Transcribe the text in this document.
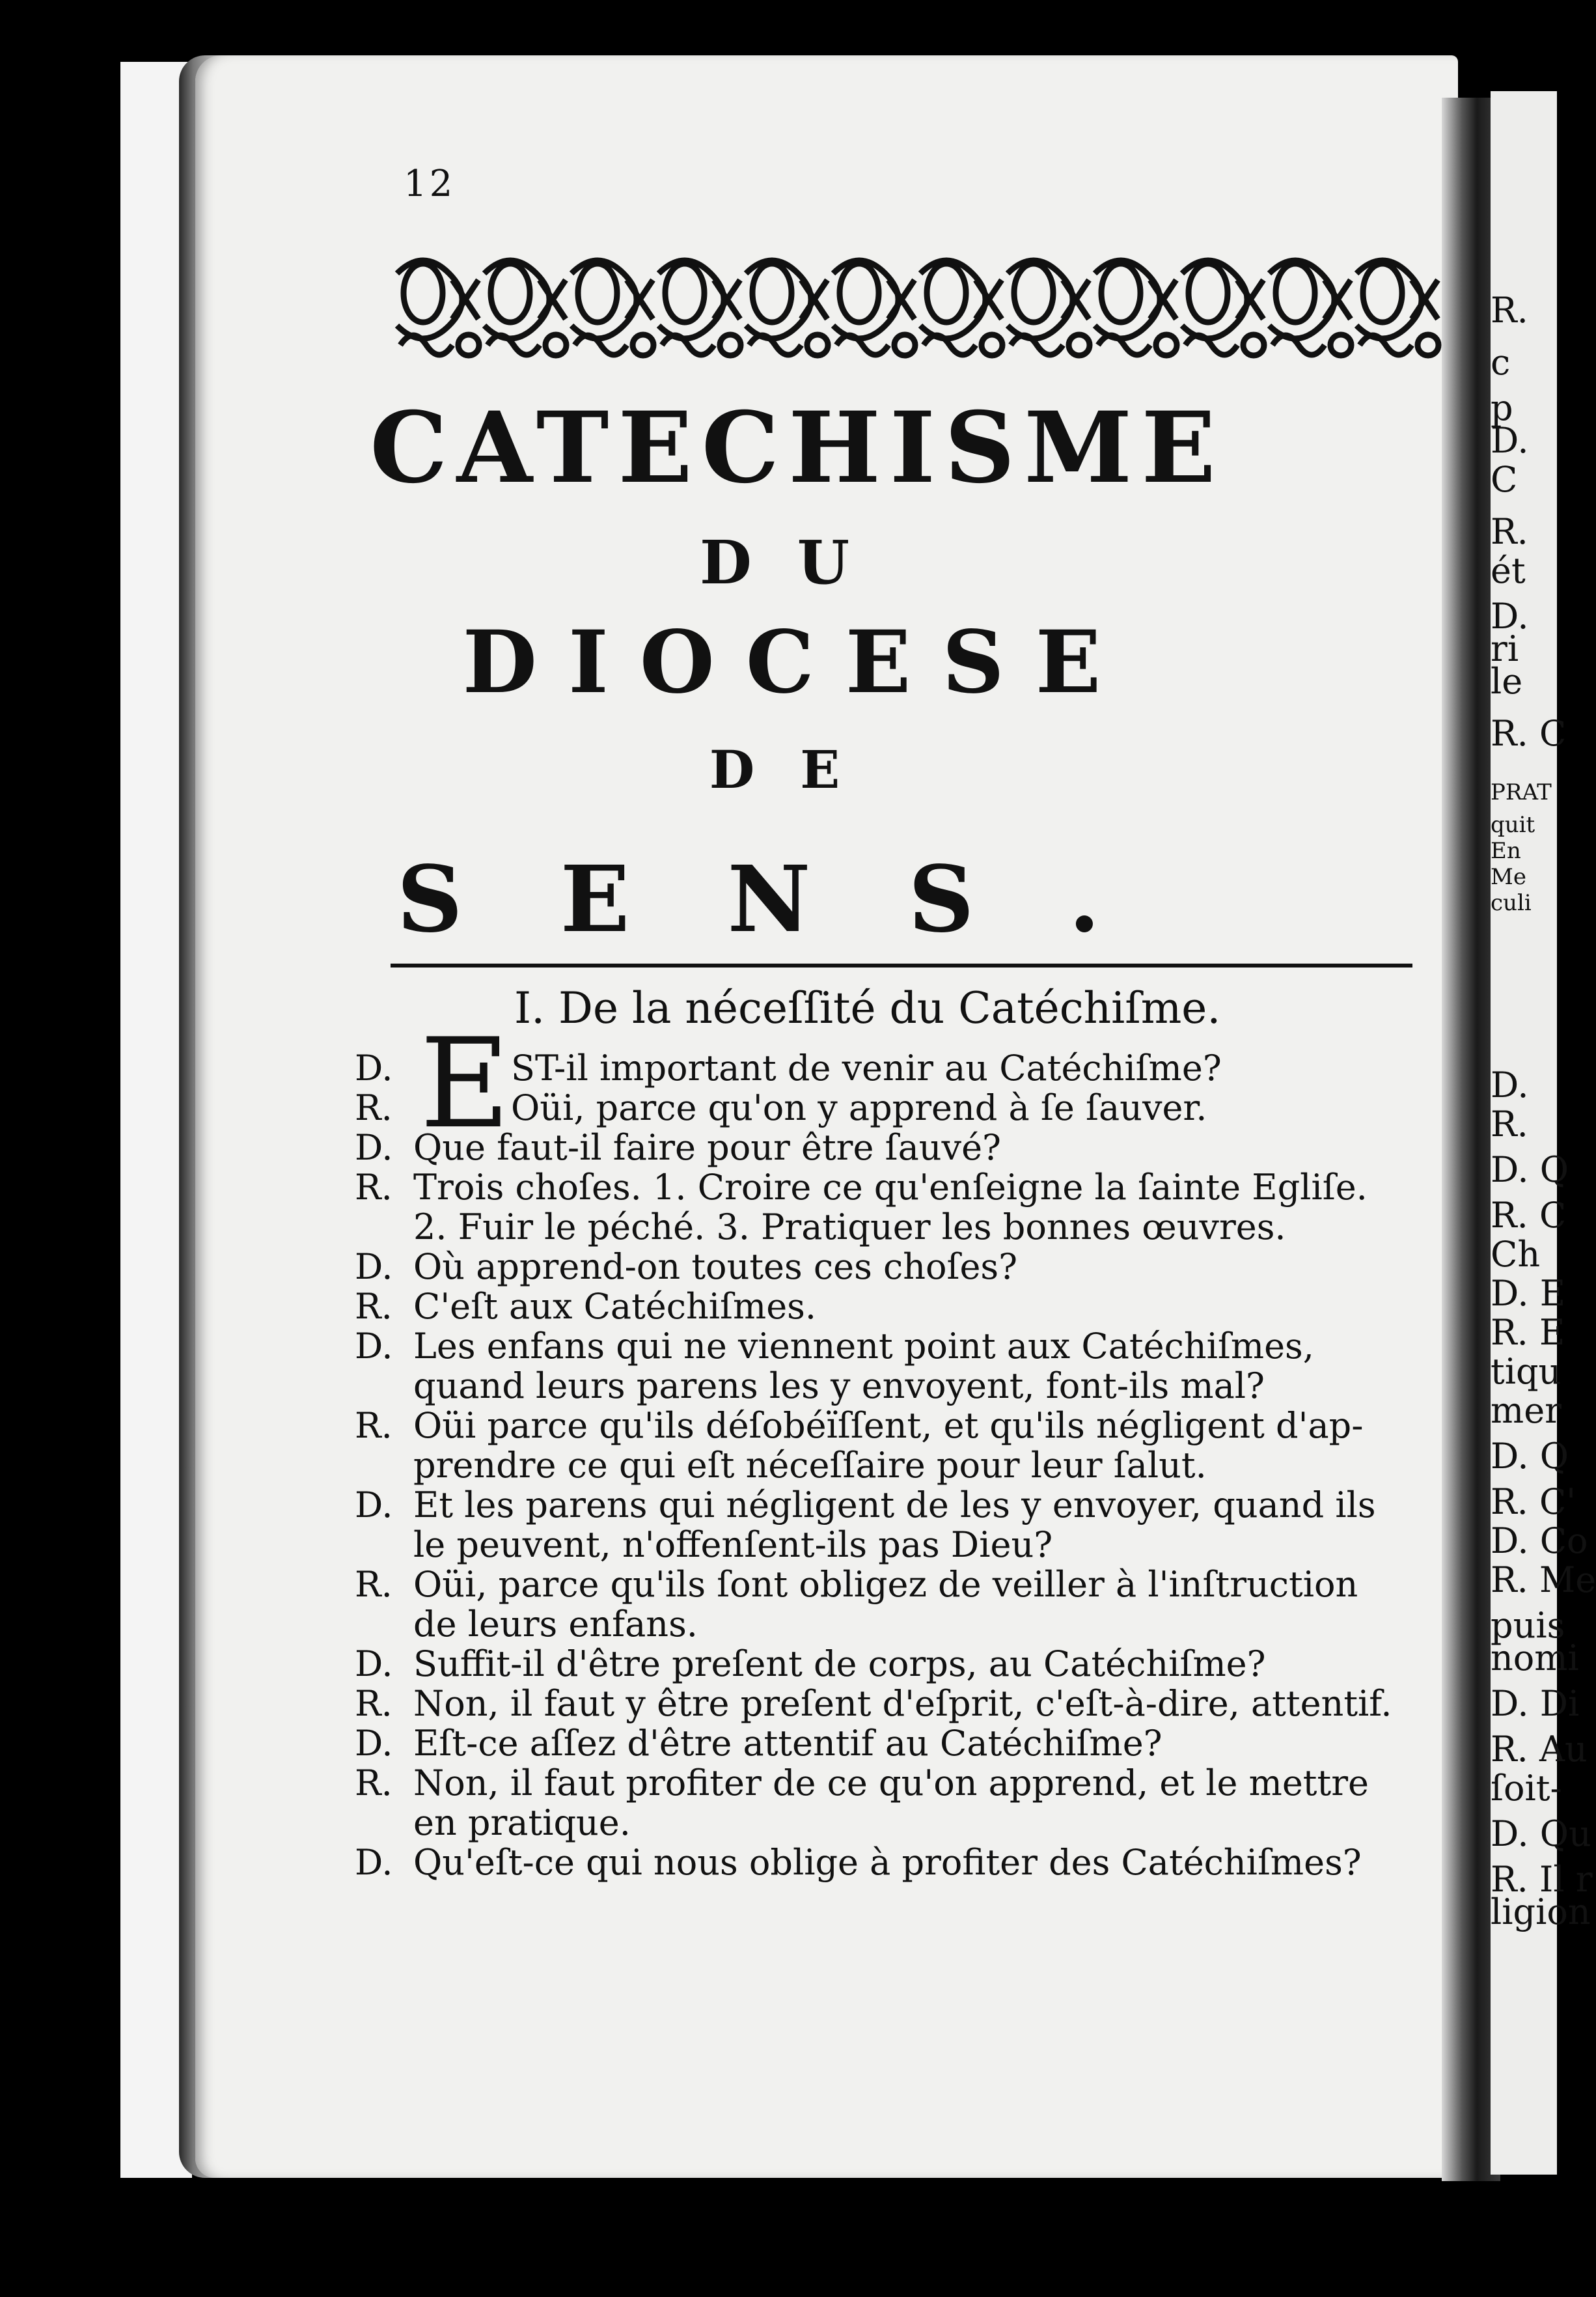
R.
c
p
D.
C
R.
ét
D.
ri
le
R. C
PRAT
quit
En
Me
culi
D.
R.
D. Q
R. C
Ch
D. E
R. E
tiqu
mer
D. Q
R. C'
D. Co
R. Me
puis
nomi
D. Di
R. Au
ſoit-
D. Qu
R. Il r
ligion
12
CATECHISME
DU
DIOCESE
DE
SENS.
I. De la néceſſité du Catéchiſme.
E
D.	ST-il important de venir au Catéchiſme?
R.	Oüi, parce qu'on y apprend à ſe ſauver.
D. Que faut-il faire pour être ſauvé?
R. Trois choſes. 1. Croire ce qu'enſeigne la ſainte Egliſe.
2. Fuir le péché. 3. Pratiquer les bonnes œuvres.
D. Où apprend-on toutes ces choſes?
R. C'eſt aux Catéchiſmes.
D. Les enfans qui ne viennent point aux Catéchiſmes,
quand leurs parens les y envoyent, font-ils mal?
R. Oüi parce qu'ils déſobéïſſent, et qu'ils négligent d'ap-
prendre ce qui eſt néceſſaire pour leur ſalut.
D. Et les parens qui négligent de les y envoyer, quand ils
le peuvent, n'offenſent-ils pas Dieu?
R. Oüi, parce qu'ils ſont obligez de veiller à l'inſtruction
de leurs enfans.
D. Suffit-il d'être preſent de corps, au Catéchiſme?
R. Non, il faut y être preſent d'eſprit, c'eſt-à-dire, attentif.
D. Eſt-ce aſſez d'être attentif au Catéchiſme?
R. Non, il faut profiter de ce qu'on apprend, et le mettre
en pratique.
D. Qu'eſt-ce qui nous oblige à profiter des Catéchiſmes?
